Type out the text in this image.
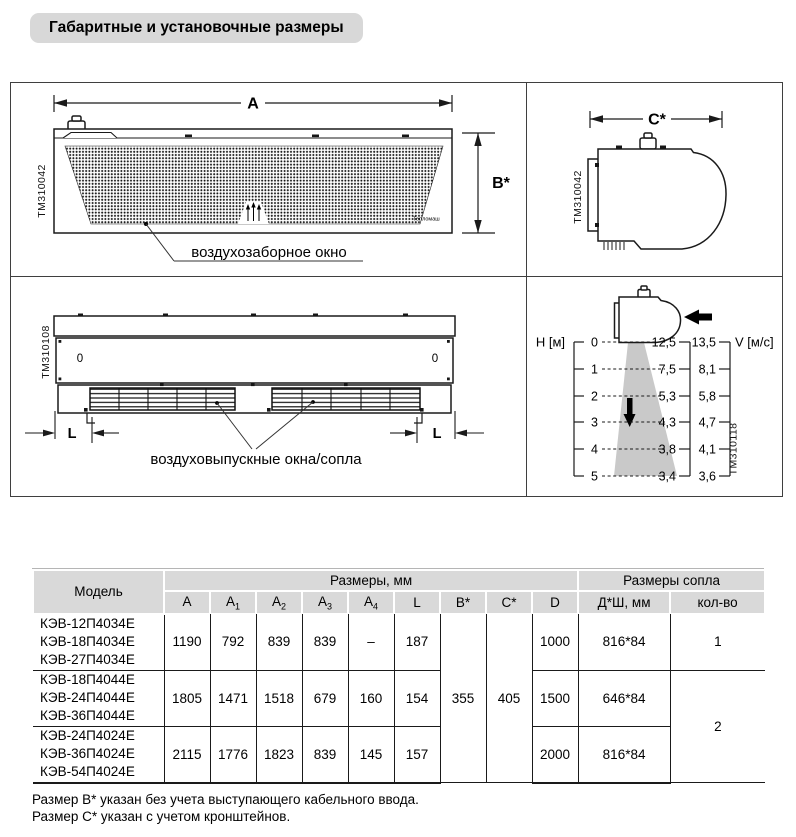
Габаритные и установочные размеры
A
Тепломаш
B*
ТМ310042
воздухозаборное окно
C*
ТМ310042
0	0
L	L
воздуховыпускные окна/сопла
ТМ310108	H [м] 0
1
2
3
4
5
12,5
7,5
5,3
4,3
3,8
3,4
13,5
8,1
5,8
4,7
4,1
3,6
V [м/с]
ТМ310118
Модель	Размеры, мм									Размеры сопла	
	A	$A_1$	$A_2$	$A_3$	$A_4$	L	B*	C*	D	Д*Ш, мм	кол-во

КЭВ-12П4034Е
КЭВ-18П4034Е
КЭВ-27П4034Е	1190	792	839	839	–	187	355	405	1000	816*84	1

КЭВ-18П4044Е
КЭВ-24П4044Е
КЭВ-36П4044Е	1805	1471	1518	679	160	154			1500	646*84	2

КЭВ-24П4024Е
КЭВ-36П4024Е
КЭВ-54П4024Е	2115	1776	1823	839	145	157			2000	816*84	
Размер B* указан без учета выступающего кабельного ввода.
Размер C* указан с учетом кронштейнов.
